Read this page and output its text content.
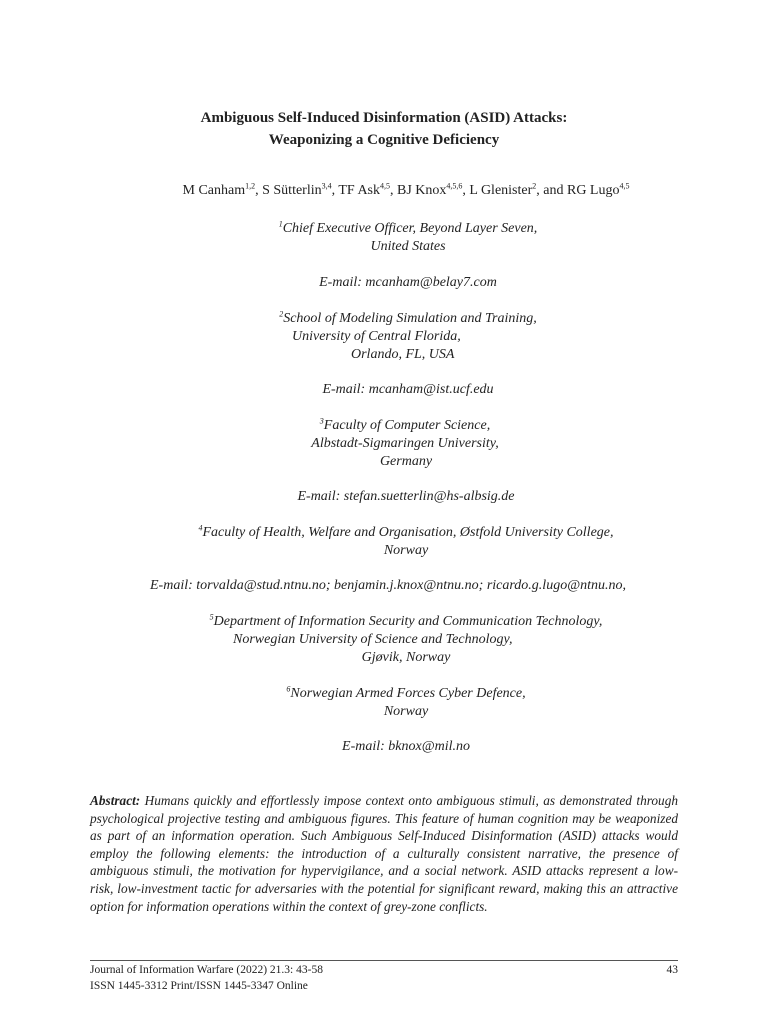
Ambiguous Self-Induced Disinformation (ASID) Attacks:
Weaponizing a Cognitive Deficiency
M Canham$^{1,2}$, S Sütterlin$^{3,4}$, TF Ask$^{4,5}$, BJ Knox$^{4,5,6}$, L Glenister$^2$, and RG Lugo$^{4,5}$
$^1$Chief Executive Officer, Beyond Layer Seven,
United States
E-mail: mcanham@belay7.com
$^2$School of Modeling Simulation and Training,
University of Central Florida,
Orlando, FL, USA
E-mail: mcanham@ist.ucf.edu
$^3$Faculty of Computer Science,
Albstadt-Sigmaringen University,
Germany
E-mail: stefan.suetterlin@hs-albsig.de
$^4$Faculty of Health, Welfare and Organisation, Østfold University College,
Norway
E-mail: torvalda@stud.ntnu.no; benjamin.j.knox@ntnu.no; ricardo.g.lugo@ntnu.no,
$^5$Department of Information Security and Communication Technology,
Norwegian University of Science and Technology,
Gjøvik, Norway
$^6$Norwegian Armed Forces Cyber Defence,
Norway
E-mail: bknox@mil.no
Abstract: Humans quickly and effortlessly impose context onto ambiguous stimuli, as demonstrated through psychological projective testing and ambiguous figures. This feature of human cognition may be weaponized as part of an information operation. Such Ambiguous Self-Induced Disinformation (ASID) attacks would employ the following elements: the introduction of a culturally consistent narrative, the presence of ambiguous stimuli, the motivation for hypervigilance, and a social network. ASID attacks represent a low-risk, low-investment tactic for adversaries with the potential for significant reward, making this an attractive option for information operations within the context of grey-zone conflicts.
Journal of Information Warfare (2022) 21.3: 43-58	43
ISSN 1445-3312 Print/ISSN 1445-3347 Online
